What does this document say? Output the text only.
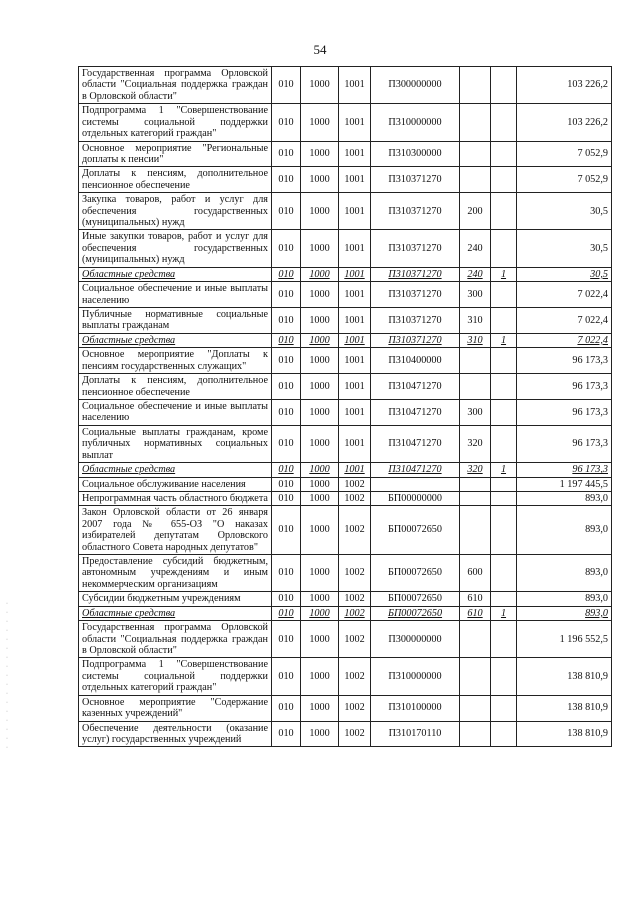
54
Государственная программа Орловской области "Социальная поддержка граждан в Орловской области"	010	1000	1001	П300000000			103 226,2
Подпрограмма 1 "Совершенствование системы социальной поддержки отдельных категорий граждан"	010	1000	1001	П310000000			103 226,2
Основное мероприятие "Региональные доплаты к пенсии"	010	1000	1001	П310300000			7 052,9
Доплаты к пенсиям, дополнительное пенсионное обеспечение	010	1000	1001	П310371270			7 052,9
Закупка товаров, работ и услуг для обеспечения государственных (муниципальных) нужд	010	1000	1001	П310371270	200		30,5
Иные закупки товаров, работ и услуг для обеспечения государственных (муниципальных) нужд	010	1000	1001	П310371270	240		30,5
Областные средства	010	1000	1001	П310371270	240	1	30,5
Социальное обеспечение и иные выплаты населению	010	1000	1001	П310371270	300		7 022,4
Публичные нормативные социальные выплаты гражданам	010	1000	1001	П310371270	310		7 022,4
Областные средства	010	1000	1001	П310371270	310	1	7 022,4
Основное мероприятие "Доплаты к пенсиям государственных служащих"	010	1000	1001	П310400000			96 173,3
Доплаты к пенсиям, дополнительное пенсионное обеспечение	010	1000	1001	П310471270			96 173,3
Социальное обеспечение и иные выплаты населению	010	1000	1001	П310471270	300		96 173,3
Социальные выплаты гражданам, кроме публичных нормативных социальных выплат	010	1000	1001	П310471270	320		96 173,3
Областные средства	010	1000	1001	П310471270	320	1	96 173,3
Социальное обслуживание населения	010	1000	1002				1 197 445,5
Непрограммная часть областного бюджета	010	1000	1002	БП00000000			893,0
Закон Орловской области от 26 января 2007 года № 655-ОЗ "О наказах избирателей депутатам Орловского областного Совета народных депутатов"	010	1000	1002	БП00072650			893,0
Предоставление субсидий бюджетным, автономным учреждениям и иным некоммерческим организациям	010	1000	1002	БП00072650	600		893,0
Субсидии бюджетным учреждениям	010	1000	1002	БП00072650	610		893,0
Областные средства	010	1000	1002	БП00072650	610	1	893,0
Государственная программа Орловской области "Социальная поддержка граждан в Орловской области"	010	1000	1002	П300000000			1 196 552,5
Подпрограмма 1 "Совершенствование системы социальной поддержки отдельных категорий граждан"	010	1000	1002	П310000000			138 810,9
Основное мероприятие "Содержание казенных учреждений"	010	1000	1002	П310100000			138 810,9
Обеспечение деятельности (оказание услуг) государственных учреждений	010	1000	1002	П310170110			138 810,9
·
·
·
·
·
·
·
·
·
·
·
·
·
·
·
·
·
